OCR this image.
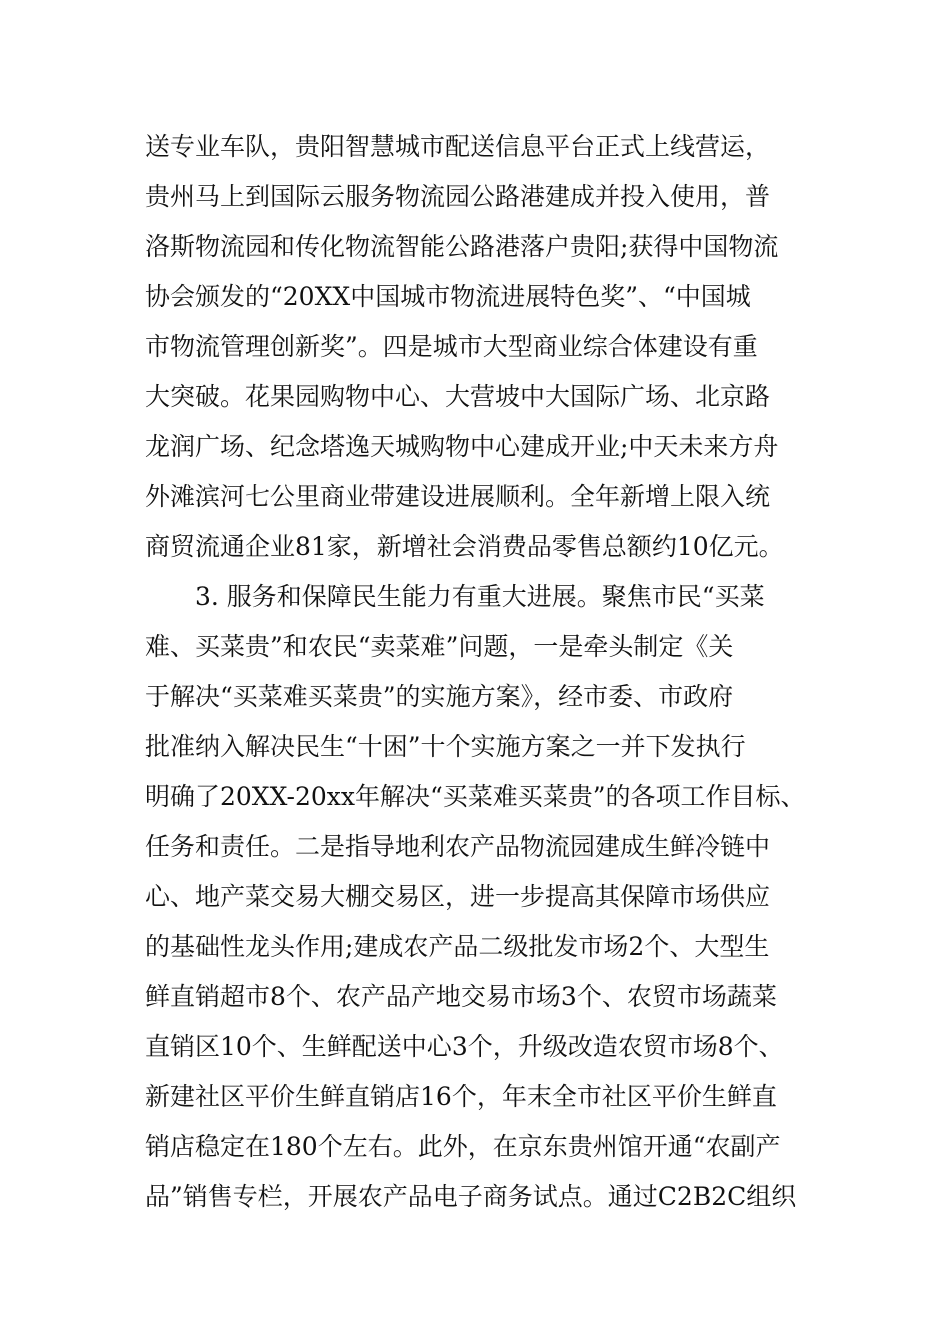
送专业车队，贵阳智慧城市配送信息平台正式上线营运，
贵州马上到国际云服务物流园公路港建成并投入使用，普
洛斯物流园和传化物流智能公路港落户贵阳;获得中国物流
协会颁发的“20XX中国城市物流进展特色奖”、“中国城
市物流管理创新奖”。四是城市大型商业综合体建设有重
大突破。花果园购物中心、大营坡中大国际广场、北京路
龙润广场、纪念塔逸天城购物中心建成开业;中天未来方舟
外滩滨河七公里商业带建设进展顺利。全年新增上限入统
商贸流通企业81家，新增社会消费品零售总额约10亿元。
3. 服务和保障民生能力有重大进展。聚焦市民“买菜
难、买菜贵”和农民“卖菜难”问题，一是牵头制定《关
于解决“买菜难买菜贵”的实施方案》，经市委、市政府
批准纳入解决民生“十困”十个实施方案之一并下发执行
明确了20XX-20xx年解决“买菜难买菜贵”的各项工作目标、
任务和责任。二是指导地利农产品物流园建成生鲜冷链中
心、地产菜交易大棚交易区，进一步提高其保障市场供应
的基础性龙头作用;建成农产品二级批发市场2个、大型生
鲜直销超市8个、农产品产地交易市场3个、农贸市场蔬菜
直销区10个、生鲜配送中心3个，升级改造农贸市场8个、
新建社区平价生鲜直销店16个，年末全市社区平价生鲜直
销店稳定在180个左右。此外，在京东贵州馆开通“农副产
品”销售专栏，开展农产品电子商务试点。通过C2B2C组织
